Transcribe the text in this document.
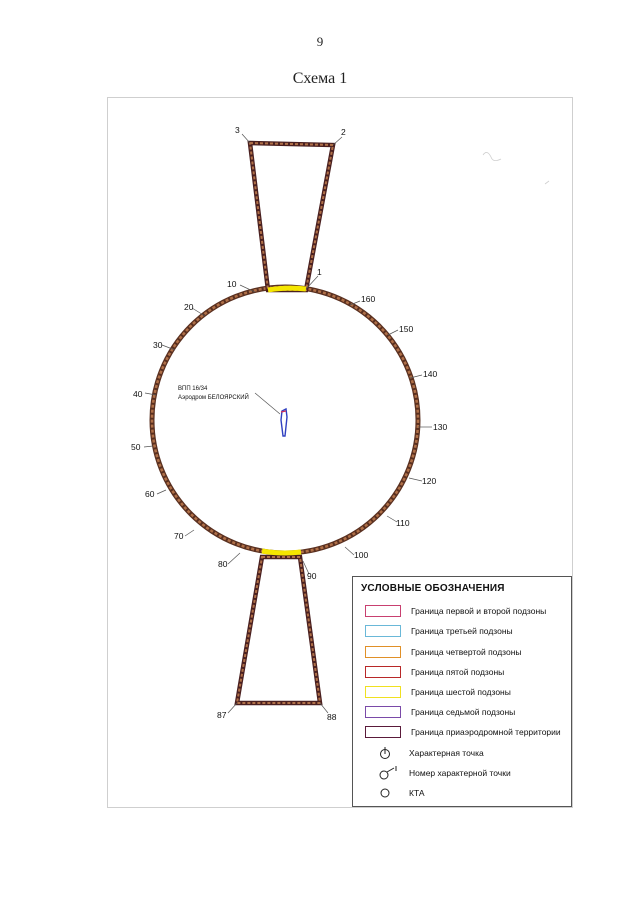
9
Схема 1
3	2
1
10
160
20
150
30
140
40
130
50
120
60
110
70
100
80
90
87	88
ВПП 16/34
Аэродром БЕЛОЯРСКИЙ
УСЛОВНЫЕ ОБОЗНАЧЕНИЯ
Граница первой и второй подзоны
Граница третьей подзоны
Граница четвертой подзоны
Граница пятой подзоны
Граница шестой подзоны
Граница седьмой подзоны
Граница приаэродромной территории
Характерная точка
Номер характерной точки
КТА
